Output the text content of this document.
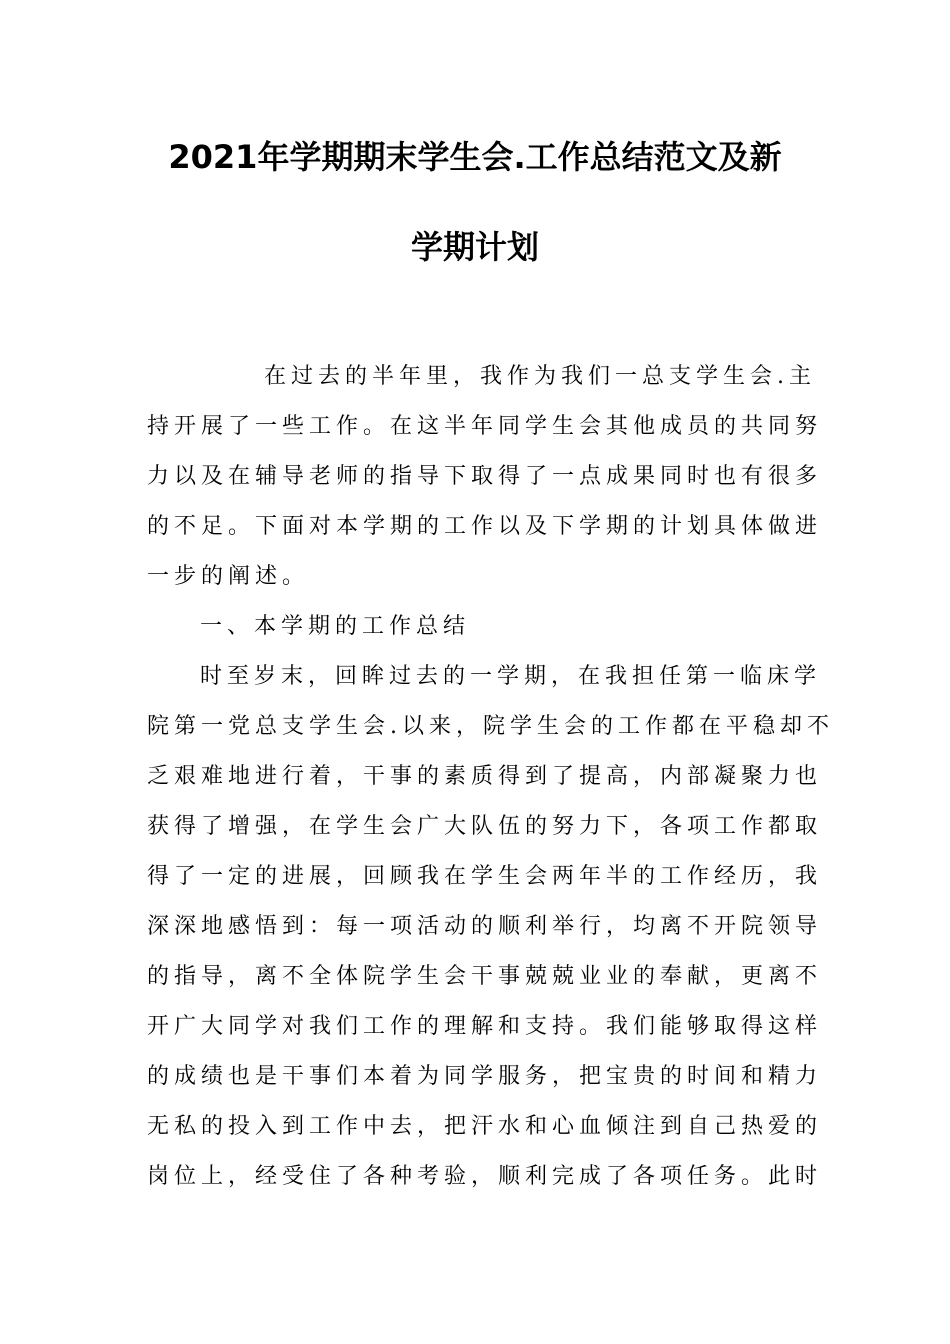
2021年学期期末学生会.工作总结范文及新
学期计划
在过去的半年里，我作为我们一总支学生会.主
持开展了一些工作。在这半年同学生会其他成员的共同努
力以及在辅导老师的指导下取得了一点成果同时也有很多
的不足。下面对本学期的工作以及下学期的计划具体做进
一步的阐述。
一、本学期的工作总结
时至岁末，回眸过去的一学期，在我担任第一临床学
院第一党总支学生会.以来，院学生会的工作都在平稳却不
乏艰难地进行着，干事的素质得到了提高，内部凝聚力也
获得了增强，在学生会广大队伍的努力下，各项工作都取
得了一定的进展，回顾我在学生会两年半的工作经历，我
深深地感悟到：每一项活动的顺利举行，均离不开院领导
的指导，离不全体院学生会干事兢兢业业的奉献，更离不
开广大同学对我们工作的理解和支持。我们能够取得这样
的成绩也是干事们本着为同学服务，把宝贵的时间和精力
无私的投入到工作中去，把汗水和心血倾注到自己热爱的
岗位上，经受住了各种考验，顺利完成了各项任务。此时
